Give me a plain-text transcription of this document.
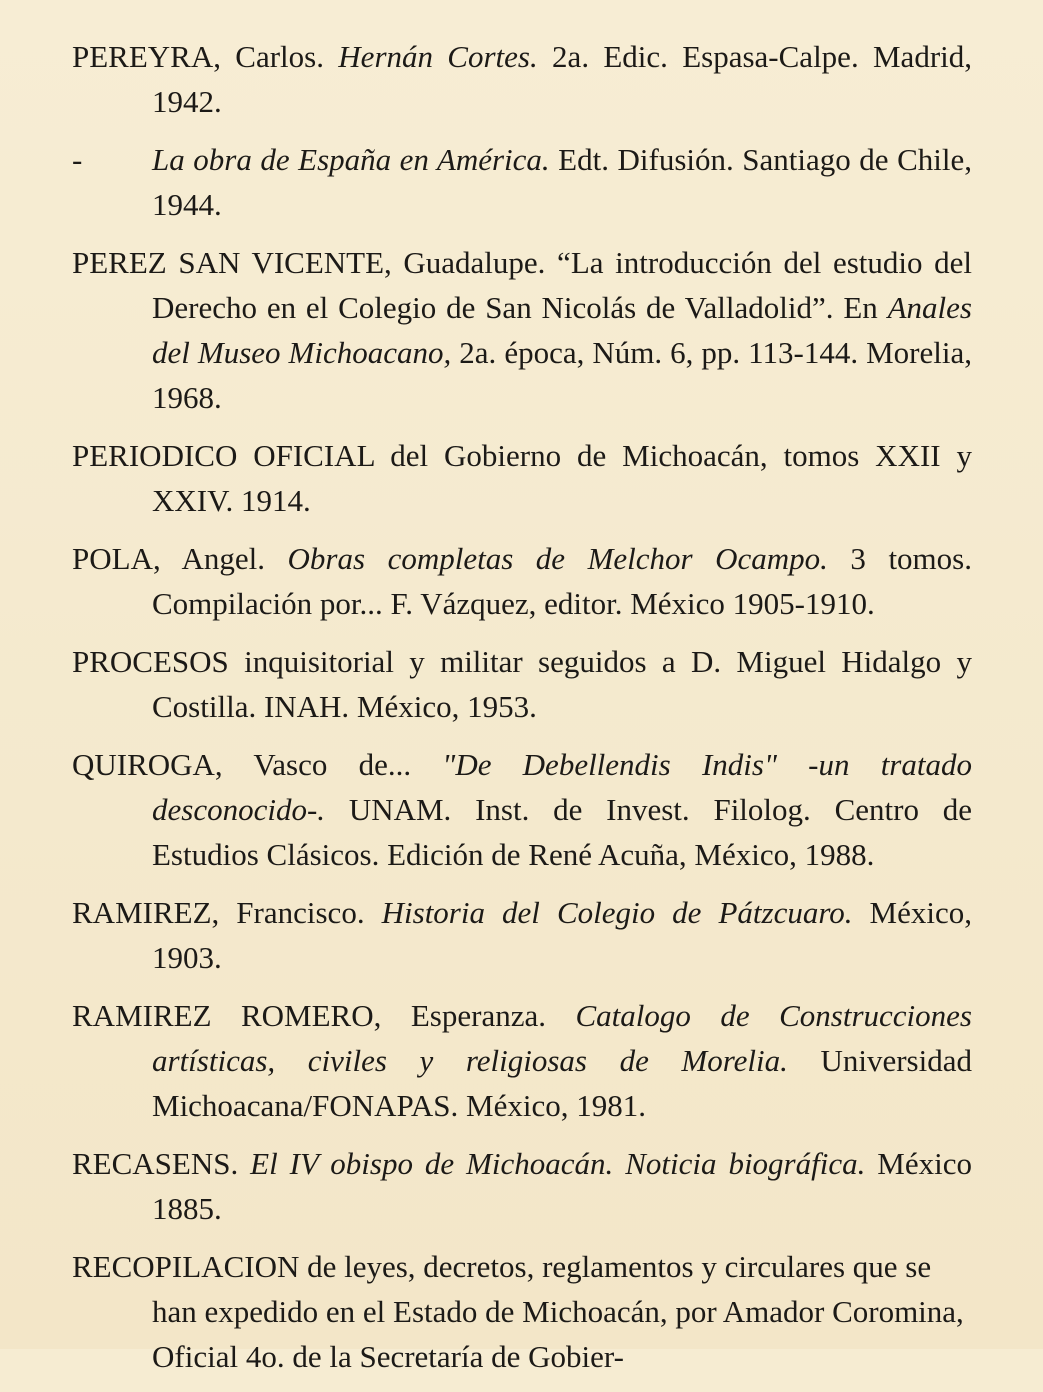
PEREYRA, Carlos. Hernán Cortes. 2a. Edic. Espasa-Calpe. Madrid, 1942.

- La obra de España en América. Edt. Difusión. Santiago de Chile, 1944.

PEREZ SAN VICENTE, Guadalupe. “La introducción del estudio del Derecho en el Colegio de San Nicolás de Valladolid”. En Anales del Museo Michoacano, 2a. época, Núm. 6, pp. 113-144. Morelia, 1968.

PERIODICO OFICIAL del Gobierno de Michoacán, tomos XXII y XXIV. 1914.

POLA, Angel. Obras completas de Melchor Ocampo. 3 tomos. Compilación por... F. Vázquez, editor. México 1905-1910.

PROCESOS inquisitorial y militar seguidos a D. Miguel Hidalgo y Costilla. INAH. México, 1953.

QUIROGA, Vasco de... "De Debellendis Indis" -un tratado desconocido-. UNAM. Inst. de Invest. Filolog. Centro de Estudios Clásicos. Edición de René Acuña, México, 1988.

RAMIREZ, Francisco. Historia del Colegio de Pátzcuaro. México, 1903.

RAMIREZ ROMERO, Esperanza. Catalogo de Construcciones artísticas, civiles y religiosas de Morelia. Universidad Michoacana/FONAPAS. México, 1981.

RECASENS. El IV obispo de Michoacán. Noticia biográfica. México 1885.

RECOPILACION de leyes, decretos, reglamentos y circulares que se han expedido en el Estado de Michoacán, por Amador Coromina, Oficial 4o. de la Secretaría de Gobier-
